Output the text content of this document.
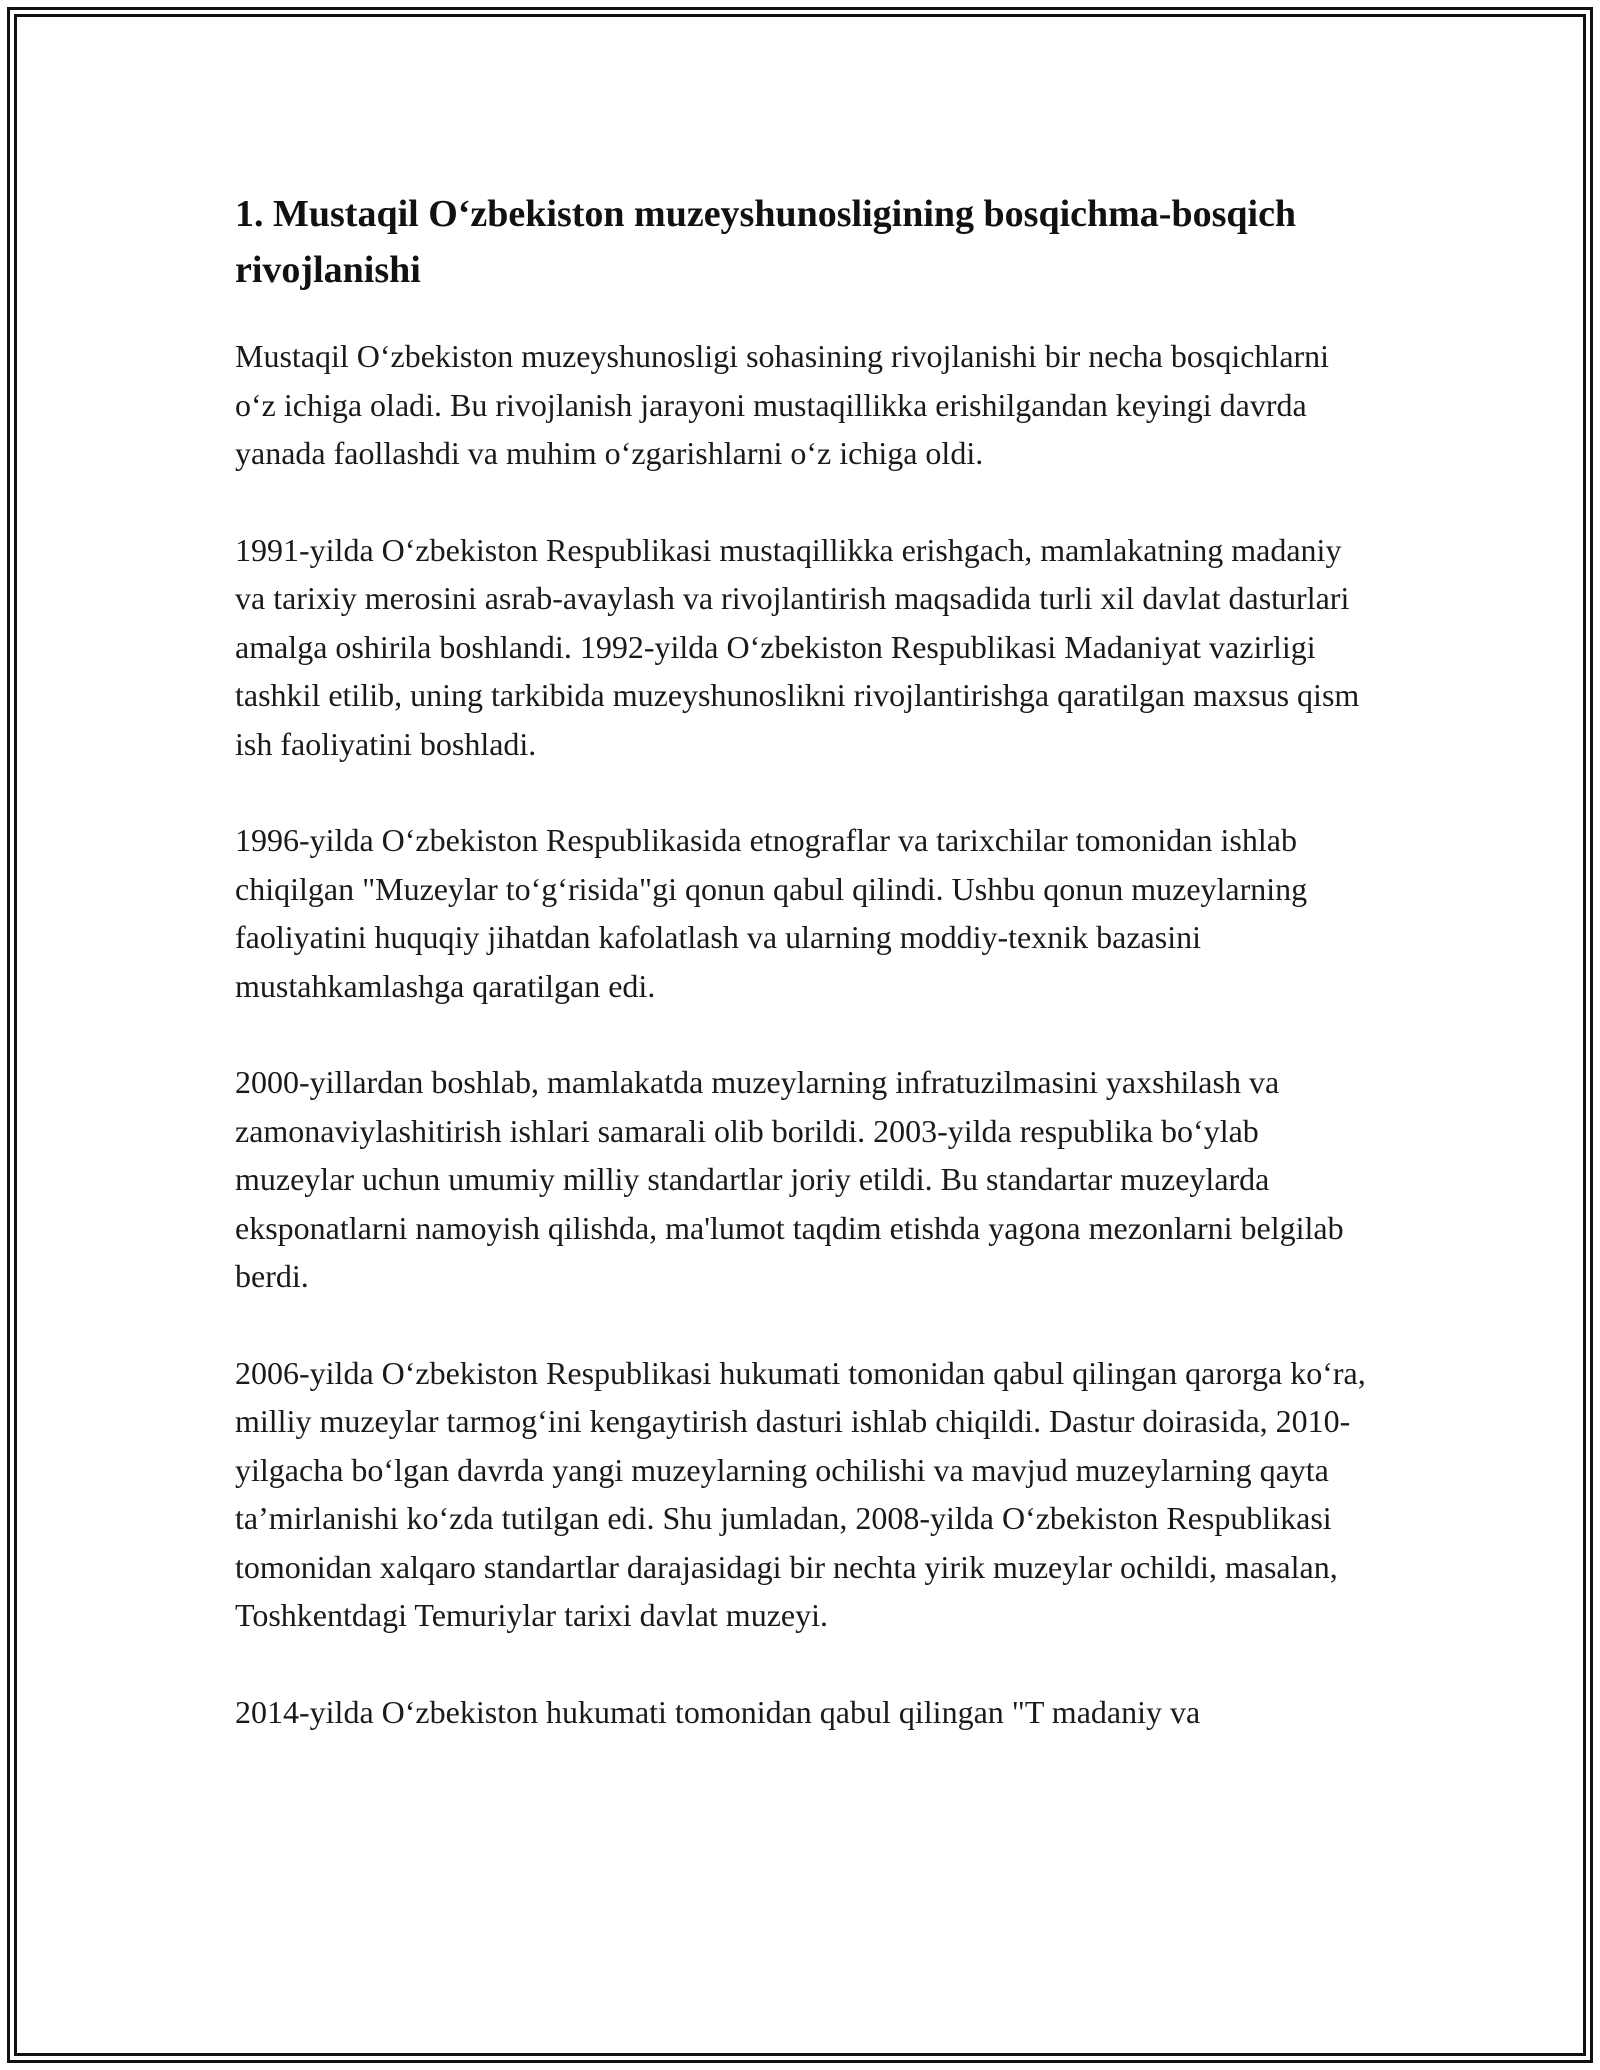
1. Mustaqil O‘zbekiston muzeyshunosligining bosqichma-bosqich rivojlanishi

Mustaqil O‘zbekiston muzeyshunosligi sohasining rivojlanishi bir necha bosqichlarni o‘z ichiga oladi. Bu rivojlanish jarayoni mustaqillikka erishilgandan keyingi davrda yanada faollashdi va muhim o‘zgarishlarni o‘z ichiga oldi.

1991-yilda O‘zbekiston Respublikasi mustaqillikka erishgach, mamlakatning madaniy va tarixiy merosini asrab-avaylash va rivojlantirish maqsadida turli xil davlat dasturlari amalga oshirila boshlandi. 1992-yilda O‘zbekiston Respublikasi Madaniyat vazirligi tashkil etilib, uning tarkibida muzeyshunoslikni rivojlantirishga qaratilgan maxsus qism ish faoliyatini boshladi.

1996-yilda O‘zbekiston Respublikasida etnograflar va tarixchilar tomonidan ishlab chiqilgan "Muzeylar to‘g‘risida"gi qonun qabul qilindi. Ushbu qonun muzeylarning faoliyatini huquqiy jihatdan kafolatlash va ularning moddiy-texnik bazasini mustahkamlashga qaratilgan edi.

2000-yillardan boshlab, mamlakatda muzeylarning infratuzilmasini yaxshilash va zamonaviylashitirish ishlari samarali olib borildi. 2003-yilda respublika bo‘ylab muzeylar uchun umumiy milliy standartlar joriy etildi. Bu standartar muzeylarda eksponatlarni namoyish qilishda, ma'lumot taqdim etishda yagona mezonlarni belgilab berdi.

2006-yilda O‘zbekiston Respublikasi hukumati tomonidan qabul qilingan qarorga ko‘ra, milliy muzeylar tarmog‘ini kengaytirish dasturi ishlab chiqildi. Dastur doirasida, 2010-yilgacha bo‘lgan davrda yangi muzeylarning ochilishi va mavjud muzeylarning qayta ta’mirlanishi ko‘zda tutilgan edi. Shu jumladan, 2008-yilda O‘zbekiston Respublikasi tomonidan xalqaro standartlar darajasidagi bir nechta yirik muzeylar ochildi, masalan, Toshkentdagi Temuriylar tarixi davlat muzeyi.

2014-yilda O‘zbekiston hukumati tomonidan qabul qilingan "T madaniy va
